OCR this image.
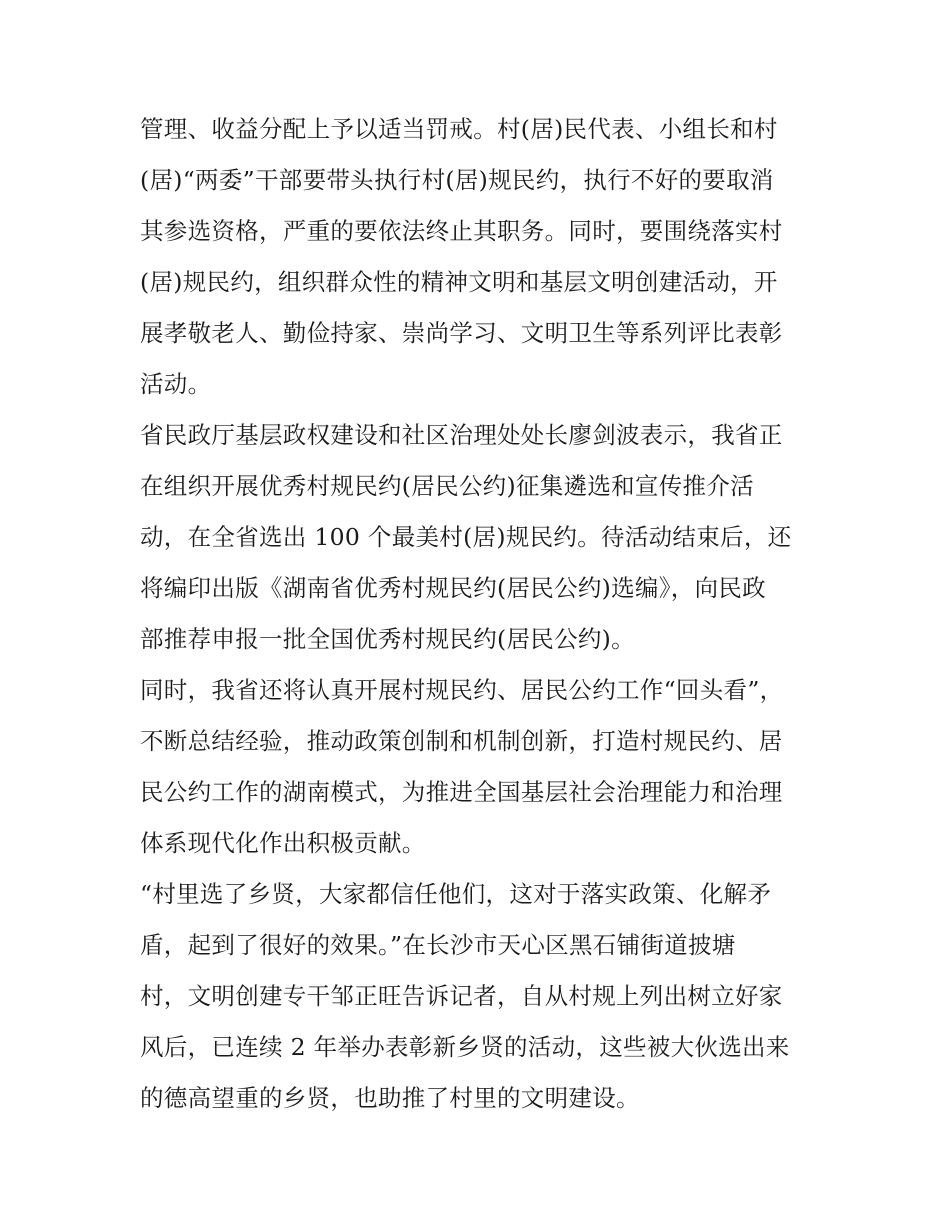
管理、收益分配上予以适当罚戒。村(居)民代表、小组长和村
(居)“两委”干部要带头执行村(居)规民约，执行不好的要取消
其参选资格，严重的要依法终止其职务。同时，要围绕落实村
(居)规民约，组织群众性的精神文明和基层文明创建活动，开
展孝敬老人、勤俭持家、崇尚学习、文明卫生等系列评比表彰
活动。
省民政厅基层政权建设和社区治理处处长廖剑波表示，我省正
在组织开展优秀村规民约(居民公约)征集遴选和宣传推介活
动，在全省选出 100 个最美村(居)规民约。待活动结束后，还
将编印出版《湖南省优秀村规民约(居民公约)选编》，向民政
部推荐申报一批全国优秀村规民约(居民公约)。
同时，我省还将认真开展村规民约、居民公约工作“回头看”，
不断总结经验，推动政策创制和机制创新，打造村规民约、居
民公约工作的湖南模式，为推进全国基层社会治理能力和治理
体系现代化作出积极贡献。
“村里选了乡贤，大家都信任他们，这对于落实政策、化解矛
盾，起到了很好的效果。”在长沙市天心区黑石铺街道披塘
村，文明创建专干邹正旺告诉记者，自从村规上列出树立好家
风后，已连续 2 年举办表彰新乡贤的活动，这些被大伙选出来
的德高望重的乡贤，也助推了村里的文明建设。
